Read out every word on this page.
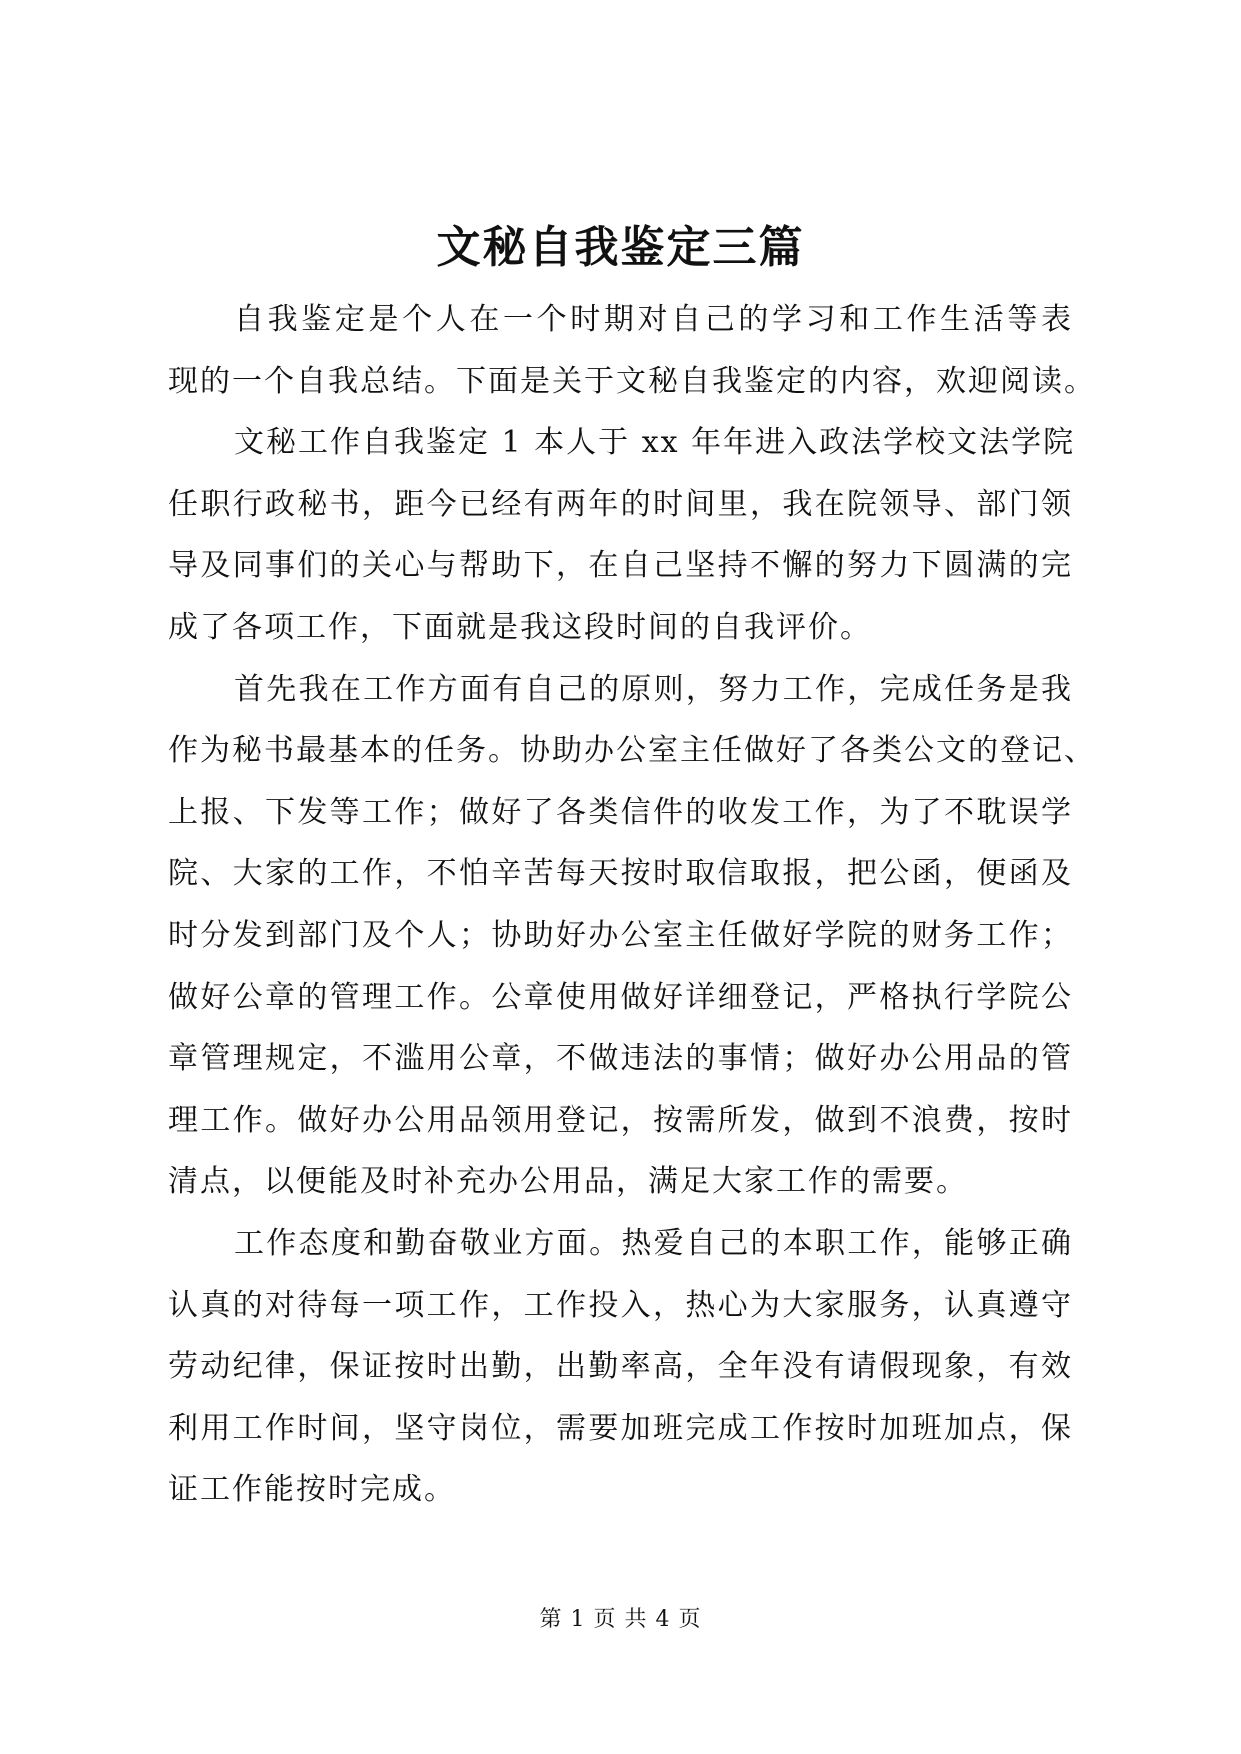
文秘自我鉴定三篇
自我鉴定是个人在一个时期对自己的学习和工作生活等表
现的一个自我总结。下面是关于文秘自我鉴定的内容，欢迎阅读。
文秘工作自我鉴定 1 本人于 xx 年年进入政法学校文法学院
任职行政秘书，距今已经有两年的时间里，我在院领导、部门领
导及同事们的关心与帮助下，在自己坚持不懈的努力下圆满的完
成了各项工作，下面就是我这段时间的自我评价。
首先我在工作方面有自己的原则，努力工作，完成任务是我
作为秘书最基本的任务。协助办公室主任做好了各类公文的登记、
上报、下发等工作；做好了各类信件的收发工作，为了不耽误学
院、大家的工作，不怕辛苦每天按时取信取报，把公函，便函及
时分发到部门及个人；协助好办公室主任做好学院的财务工作；
做好公章的管理工作。公章使用做好详细登记，严格执行学院公
章管理规定，不滥用公章，不做违法的事情；做好办公用品的管
理工作。做好办公用品领用登记，按需所发，做到不浪费，按时
清点，以便能及时补充办公用品，满足大家工作的需要。
工作态度和勤奋敬业方面。热爱自己的本职工作，能够正确
认真的对待每一项工作，工作投入，热心为大家服务，认真遵守
劳动纪律，保证按时出勤，出勤率高，全年没有请假现象，有效
利用工作时间，坚守岗位，需要加班完成工作按时加班加点，保
证工作能按时完成。
第 1 页 共 4 页
